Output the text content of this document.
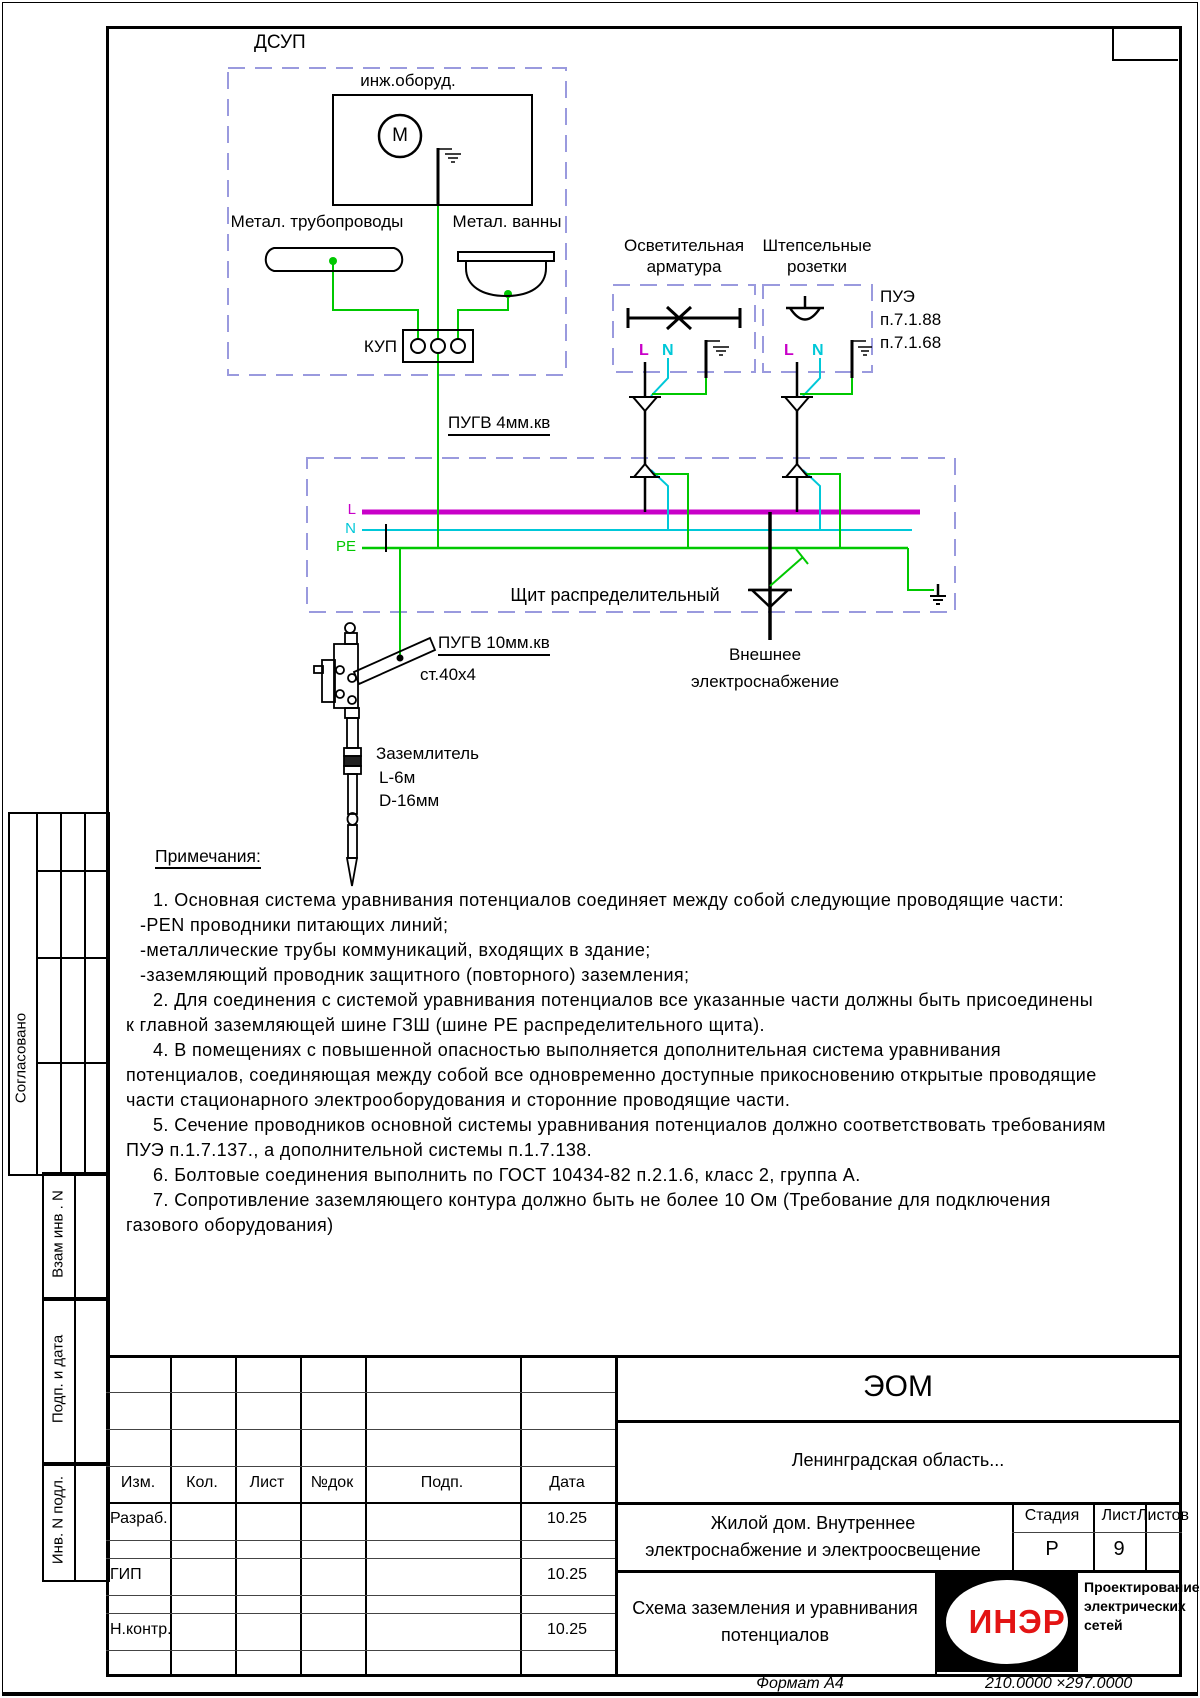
Согласовано
Взам инв . N
Подп. и дата
Инв. N подл.
ДСУП
инж.оборуд.
М
Метал. трубопроводы	Метал. ванны
КУП
ПУГВ 4мм.кв
Осветительная
арматура
Штепсельные
розетки
ПУЭ
п.7.1.88
п.7.1.68
L N	L N
L
N
PE
Щит распределительный
Внешнее
электроснабжение
ПУГВ 10мм.кв
ст.40х4
Заземлитель
L-6м
D-16мм
Примечания:
1. Основная система уравнивания потенциалов соединяет между собой следующие проводящие части:
-PEN проводники питающих линий;
-металлические трубы коммуникаций, входящих в здание;
-заземляющий проводник защитного (повторного) заземления;
2. Для соединения с системой уравнивания потенциалов все указанные части должны быть присоединены
к главной заземляющей шине ГЗШ (шине PE распределительного щита).
4. В помещениях с повышенной опасностью выполняется дополнительная система уравнивания
потенциалов, соединяющая между собой все одновременно доступные прикосновению открытые проводящие
части стационарного электрооборудования и сторонние проводящие части.
5. Сечение проводников основной системы уравнивания потенциалов должно соответствовать требованиям
ПУЭ п.1.7.137., а дополнительной системы п.1.7.138.
6. Болтовые соединения выполнить по ГОСТ 10434-82 п.2.1.6, класс 2, группа А.
7. Сопротивление заземляющего контура должно быть не более 10 Ом (Требование для подключения
газового оборудования)
Изм. Кол. Лист №док	Подп.	Дата
Разраб.	10.25
ГИП	10.25
Н.контр.	10.25
ЭОМ
Ленинградская область...
Жилой дом. Внутреннее
электроснабжение и электроосвещение
Схема заземления и уравнивания
потенциалов
Стадия Лист Листов
Р	9
ИНЭР
Проектирование
электрических
сетей
Формат А4	210.0000 ×297.0000
